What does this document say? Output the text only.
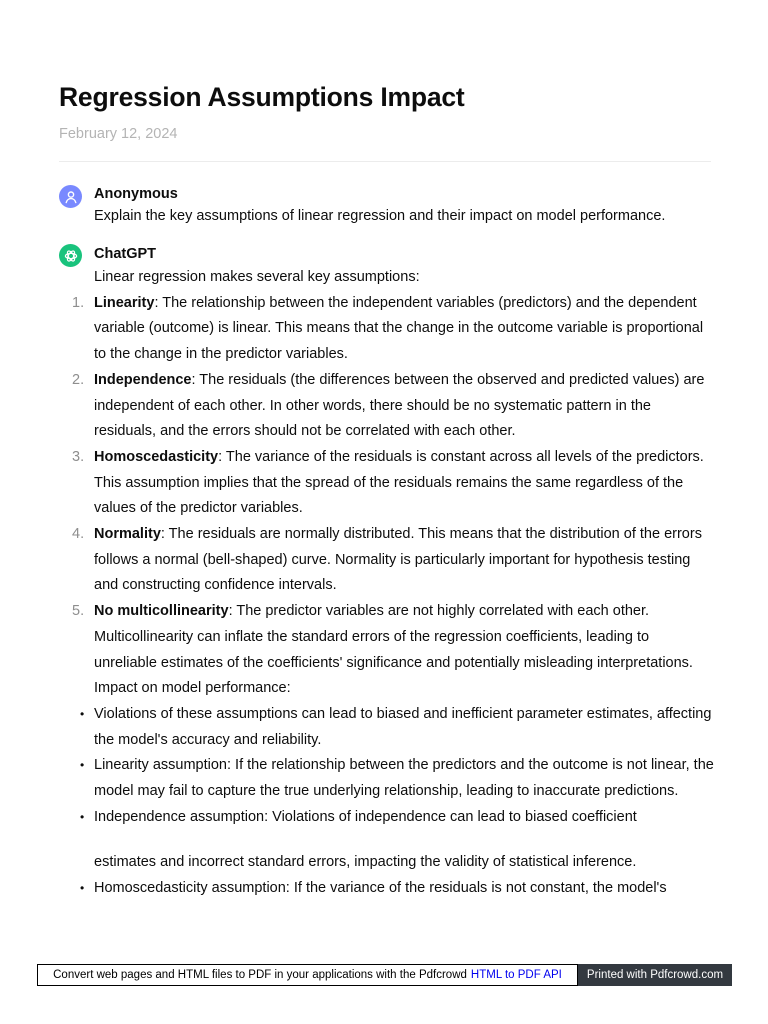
Regression Assumptions Impact
February 12, 2024
Anonymous
Explain the key assumptions of linear regression and their impact on model performance.
ChatGPT

Linear regression makes several key assumptions:

1. Linearity: The relationship between the independent variables (predictors) and the dependent variable (outcome) is linear. This means that the change in the outcome variable is proportional to the change in the predictor variables.
2. Independence: The residuals (the differences between the observed and predicted values) are independent of each other. In other words, there should be no systematic pattern in the residuals, and the errors should not be correlated with each other.
3. Homoscedasticity: The variance of the residuals is constant across all levels of the predictors. This assumption implies that the spread of the residuals remains the same regardless of the values of the predictor variables.
4. Normality: The residuals are normally distributed. This means that the distribution of the errors follows a normal (bell-shaped) curve. Normality is particularly important for hypothesis testing and constructing confidence intervals.
5. No multicollinearity: The predictor variables are not highly correlated with each other. Multicollinearity can inflate the standard errors of the regression coefficients, leading to unreliable estimates of the coefficients' significance and potentially misleading interpretations.

Impact on model performance:

• Violations of these assumptions can lead to biased and inefficient parameter estimates, affecting the model's accuracy and reliability.
• Linearity assumption: If the relationship between the predictors and the outcome is not linear, the model may fail to capture the true underlying relationship, leading to inaccurate predictions.
• Independence assumption: Violations of independence can lead to biased coefficient
estimates and incorrect standard errors, impacting the validity of statistical inference.
• Homoscedasticity assumption: If the variance of the residuals is not constant, the model's
Convert web pages and HTML files to PDF in your applications with the Pdfcrowd HTML to PDF API	Printed with Pdfcrowd.com
